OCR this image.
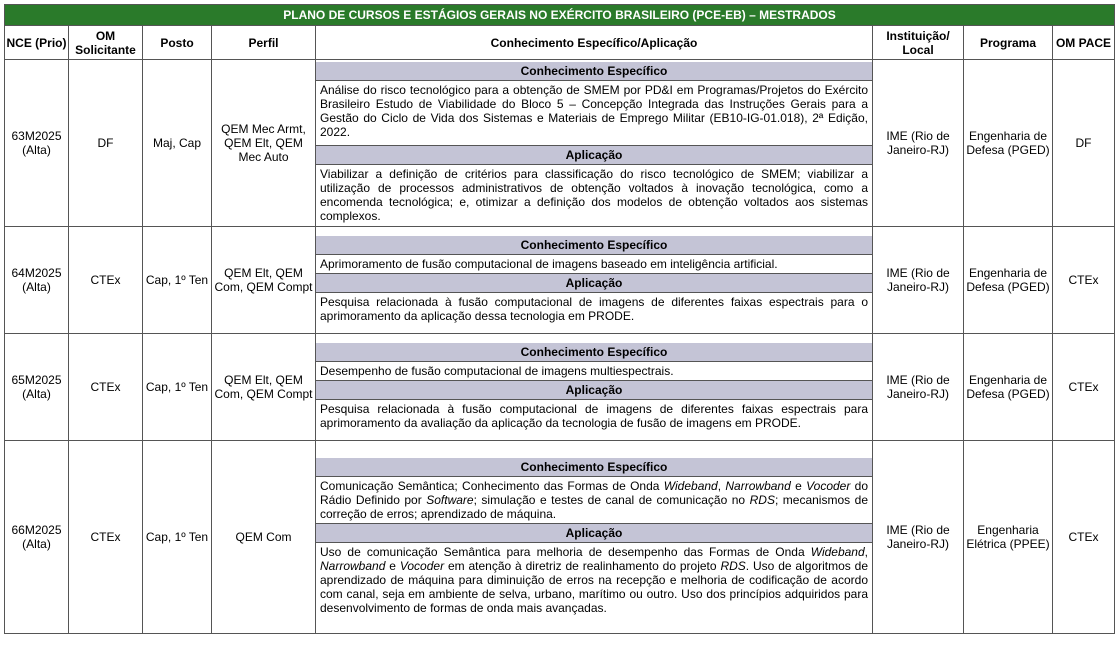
PLANO DE CURSOS E ESTÁGIOS GERAIS NO EXÉRCITO BRASILEIRO (PCE-EB) – MESTRADOS							
NCE (Prio)	OM Solicitante	Posto	Perfil	Conhecimento Específico/Aplicação	Instituição/ Local	Programa	OM PACE
63M2025 (Alta)	DF	Maj, Cap	QEM Mec Armt, QEM Elt, QEM Mec Auto	Conhecimento Específico
Análise do risco tecnológico para a obtenção de SMEM por PD&I em Programas/Projetos do Exército Brasileiro Estudo de Viabilidade do Bloco 5 – Concepção Integrada das Instruções Gerais para a Gestão do Ciclo de Vida dos Sistemas e Materiais de Emprego Militar (EB10-IG-01.018), 2ª Edição, 2022.
Aplicação
Viabilizar a definição de critérios para classificação do risco tecnológico de SMEM; viabilizar a utilização de processos administrativos de obtenção voltados à inovação tecnológica, como a encomenda tecnológica; e, otimizar a definição dos modelos de obtenção voltados aos sistemas complexos.	IME (Rio de Janeiro-RJ)	Engenharia de Defesa (PGED)	DF
64M2025 (Alta)	CTEx	Cap, 1º Ten	QEM Elt, QEM Com, QEM Compt	Conhecimento Específico
Aprimoramento de fusão computacional de imagens baseado em inteligência artificial.
Aplicação
Pesquisa relacionada à fusão computacional de imagens de diferentes faixas espectrais para o aprimoramento da aplicação dessa tecnologia em PRODE.	IME (Rio de Janeiro-RJ)	Engenharia de Defesa (PGED)	CTEx
65M2025 (Alta)	CTEx	Cap, 1º Ten	QEM Elt, QEM Com, QEM Compt	Conhecimento Específico
Desempenho de fusão computacional de imagens multiespectrais.
Aplicação
Pesquisa relacionada à fusão computacional de imagens de diferentes faixas espectrais para aprimoramento da avaliação da aplicação da tecnologia de fusão de imagens em PRODE.	IME (Rio de Janeiro-RJ)	Engenharia de Defesa (PGED)	CTEx
66M2025 (Alta)	CTEx	Cap, 1º Ten	QEM Com	Conhecimento Específico
Comunicação Semântica; Conhecimento das Formas de Onda Wideband, Narrowband e Vocoder do Rádio Definido por Software; simulação e testes de canal de comunicação no RDS; mecanismos de correção de erros; aprendizado de máquina.
Aplicação
Uso de comunicação Semântica para melhoria de desempenho das Formas de Onda Wideband, Narrowband e Vocoder em atenção à diretriz de realinhamento do projeto RDS. Uso de algoritmos de aprendizado de máquina para diminuição de erros na recepção e melhoria de codificação de acordo com canal, seja em ambiente de selva, urbano, marítimo ou outro. Uso dos princípios adquiridos para desenvolvimento de formas de onda mais avançadas.	IME (Rio de Janeiro-RJ)	Engenharia Elétrica (PPEE)	CTEx
